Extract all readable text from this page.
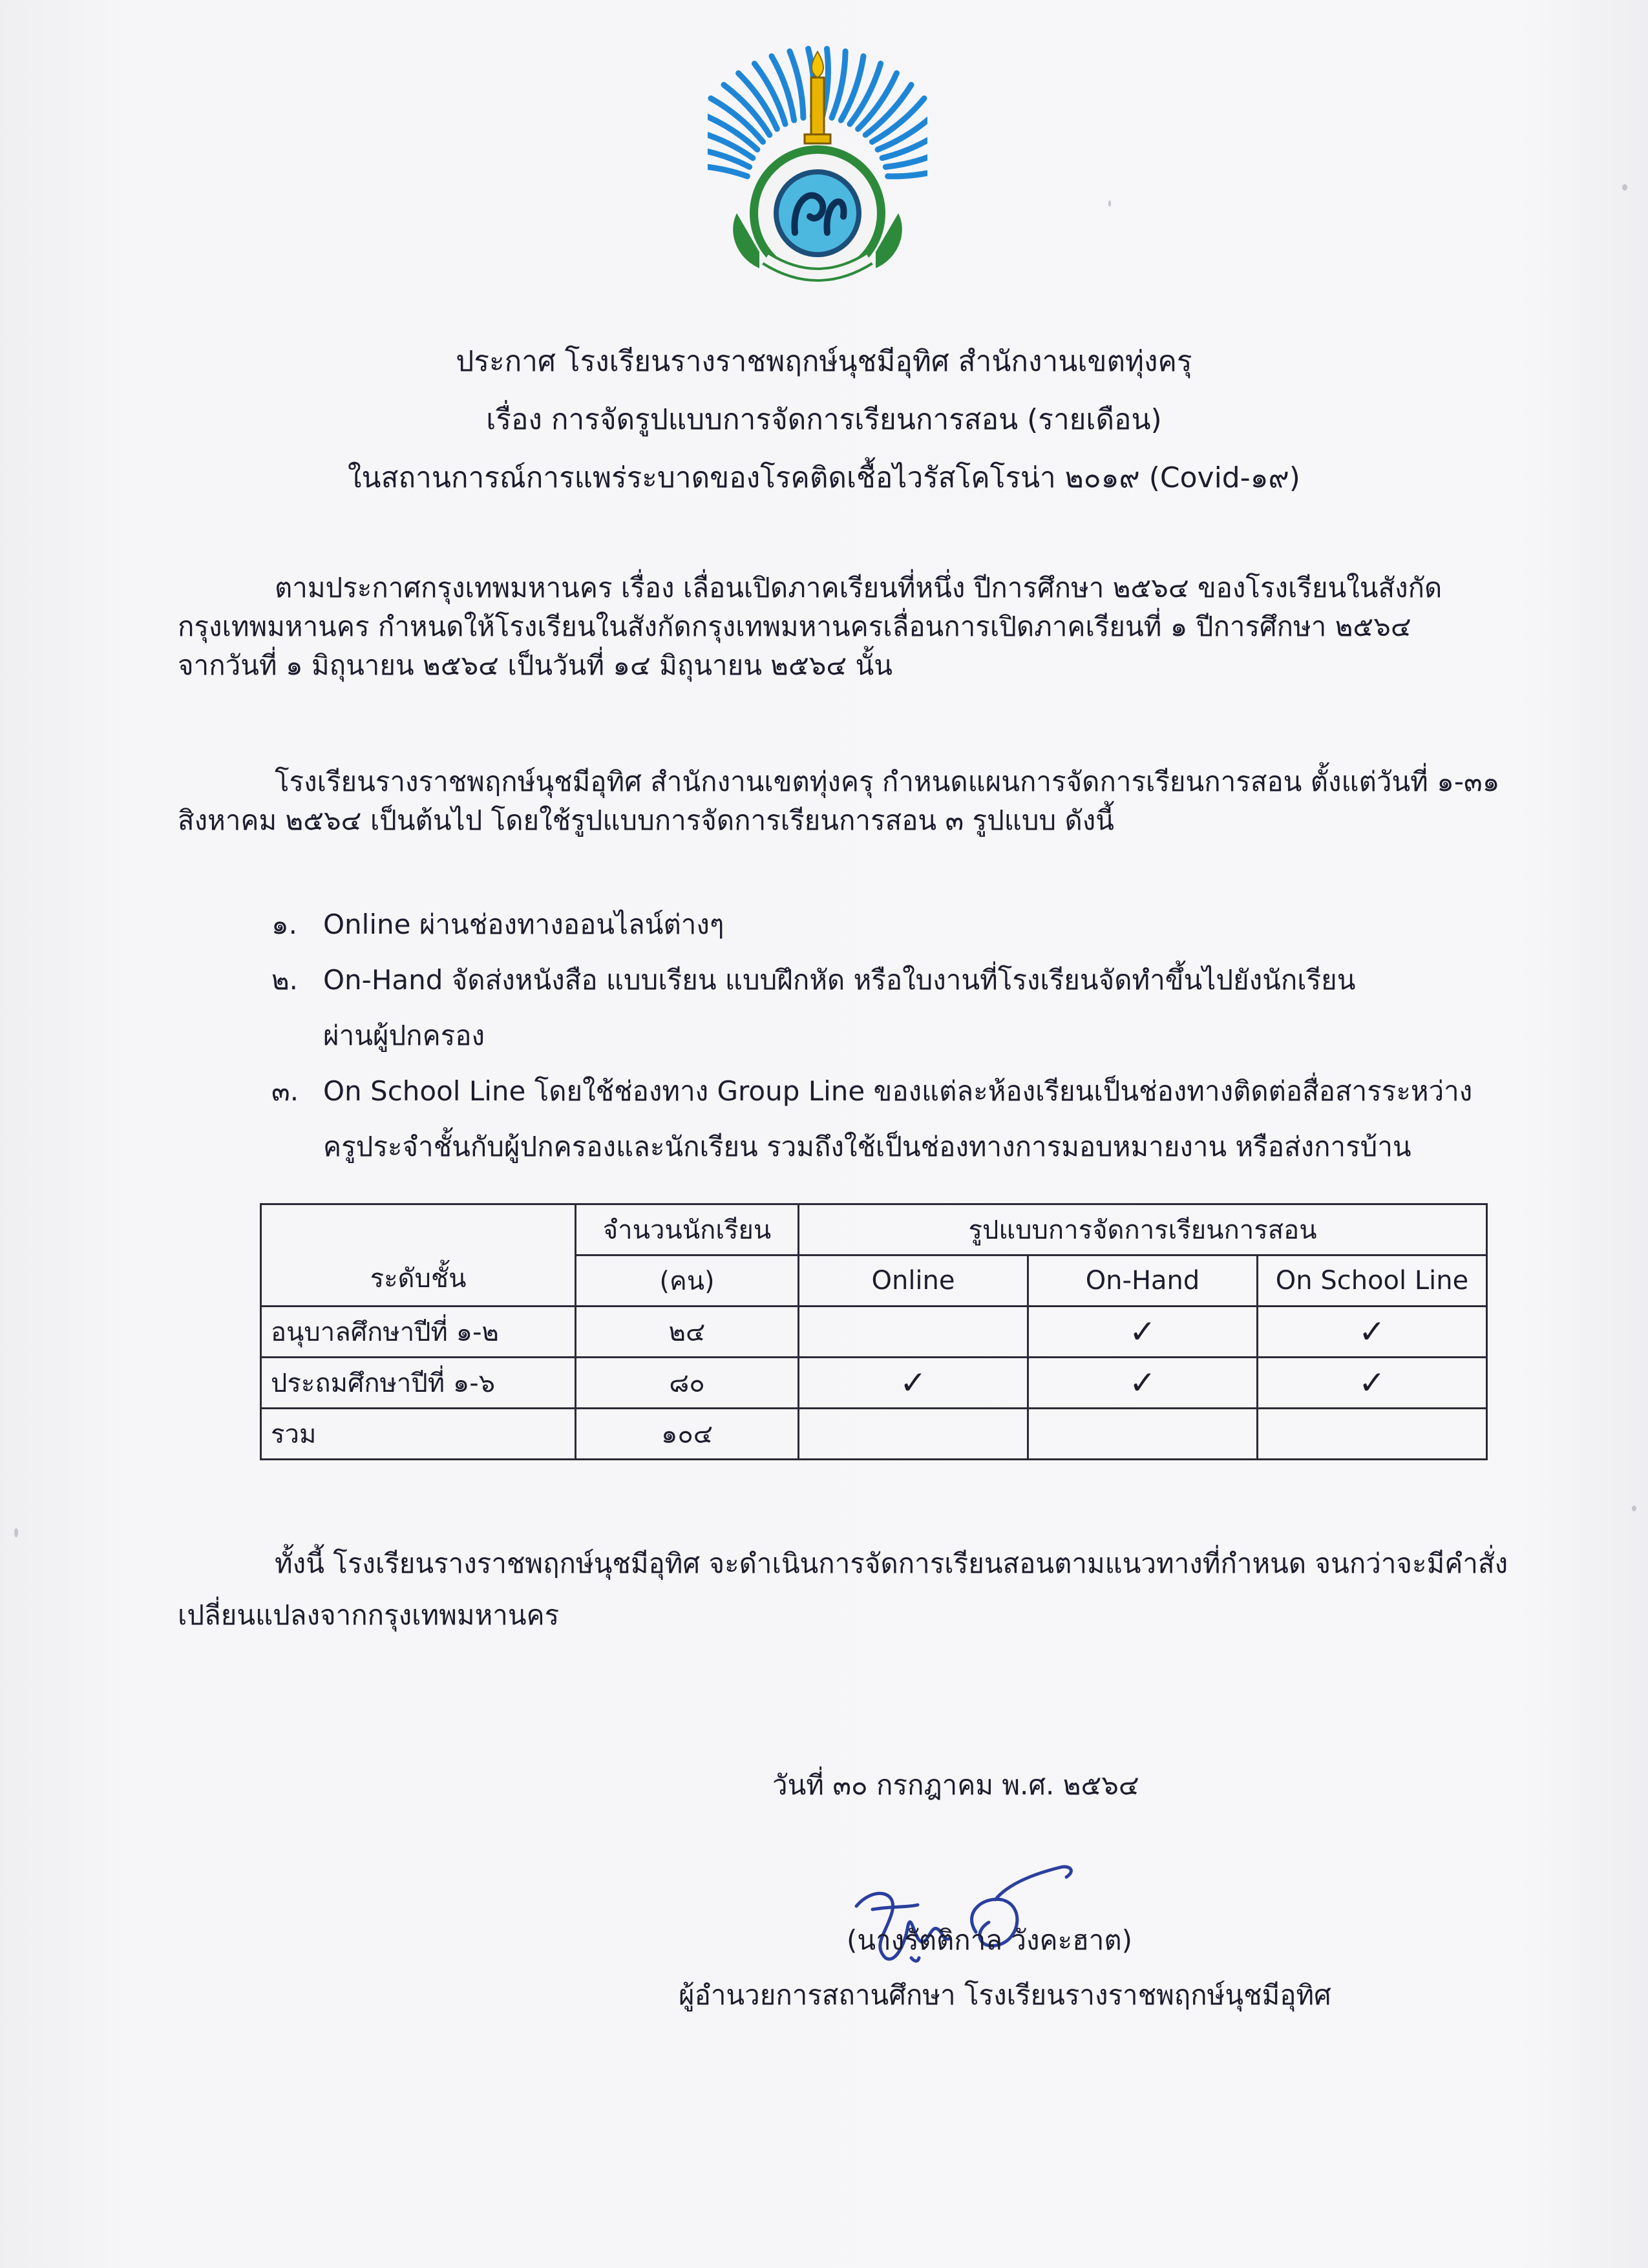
ประกาศ โรงเรียนรางราชพฤกษ์นุชมีอุทิศ สำนักงานเขตทุ่งครุ
เรื่อง การจัดรูปแบบการจัดการเรียนการสอน (รายเดือน)
ในสถานการณ์การแพร่ระบาดของโรคติดเชื้อไวรัสโคโรน่า ๒๐๑๙ (Covid-๑๙)
ตามประกาศกรุงเทพมหานคร เรื่อง เลื่อนเปิดภาคเรียนที่หนึ่ง ปีการศึกษา ๒๕๖๔ ของโรงเรียนในสังกัด
กรุงเทพมหานคร กำหนดให้โรงเรียนในสังกัดกรุงเทพมหานครเลื่อนการเปิดภาคเรียนที่ ๑ ปีการศึกษา ๒๕๖๔
จากวันที่ ๑ มิถุนายน ๒๕๖๔ เป็นวันที่ ๑๔ มิถุนายน ๒๕๖๔ นั้น
โรงเรียนรางราชพฤกษ์นุชมีอุทิศ สำนักงานเขตทุ่งครุ กำหนดแผนการจัดการเรียนการสอน ตั้งแต่วันที่ ๑-๓๑
สิงหาคม ๒๕๖๔ เป็นต้นไป โดยใช้รูปแบบการจัดการเรียนการสอน ๓ รูปแบบ ดังนี้
๑. Online ผ่านช่องทางออนไลน์ต่างๆ
๒. On-Hand จัดส่งหนังสือ แบบเรียน แบบฝึกหัด หรือใบงานที่โรงเรียนจัดทำขึ้นไปยังนักเรียน
ผ่านผู้ปกครอง
๓. On School Line โดยใช้ช่องทาง Group Line ของแต่ละห้องเรียนเป็นช่องทางติดต่อสื่อสารระหว่าง
ครูประจำชั้นกับผู้ปกครองและนักเรียน รวมถึงใช้เป็นช่องทางการมอบหมายงาน หรือส่งการบ้าน
ระดับชั้น	จำนวนนักเรียน	รูปแบบการจัดการเรียนการสอน		
	(คน)	Online	On-Hand	On School Line
อนุบาลศึกษาปีที่ ๑-๒	๒๔		✓	✓
ประถมศึกษาปีที่ ๑-๖	๘๐	✓	✓	✓
รวม	๑๐๔			
ทั้งนี้ โรงเรียนรางราชพฤกษ์นุชมีอุทิศ จะดำเนินการจัดการเรียนสอนตามแนวทางที่กำหนด จนกว่าจะมีคำสั่ง
เปลี่ยนแปลงจากกรุงเทพมหานคร
วันที่ ๓๐ กรกฎาคม พ.ศ. ๒๕๖๔
(นางรัตติกาล วังคะฮาต)
ผู้อำนวยการสถานศึกษา โรงเรียนรางราชพฤกษ์นุชมีอุทิศ
